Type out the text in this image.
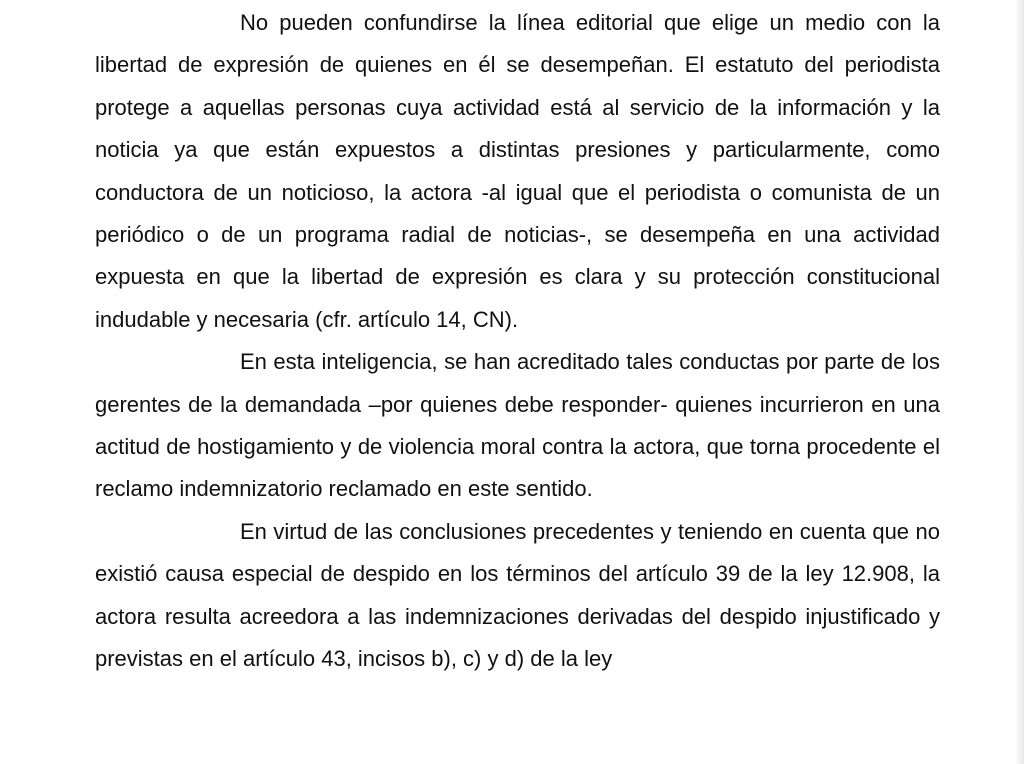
No pueden confundirse la línea editorial que elige un medio con la libertad de expresión de quienes en él se desempeñan. El estatuto del periodista protege a aquellas personas cuya actividad está al servicio de la información y la noticia ya que están expuestos a distintas presiones y particularmente, como conductora de un noticioso, la actora -al igual que el periodista o comunista de un periódico o de un programa radial de noticias-, se desempeña en una actividad expuesta en que la libertad de expresión es clara y su protección constitucional indudable y necesaria (cfr. artículo 14, CN).

En esta inteligencia, se han acreditado tales conductas por parte de los gerentes de la demandada –por quienes debe responder- quienes incurrieron en una actitud de hostigamiento y de violencia moral contra la actora, que torna procedente el reclamo indemnizatorio reclamado en este sentido.

En virtud de las conclusiones precedentes y teniendo en cuenta que no existió causa especial de despido en los términos del artículo 39 de la ley 12.908, la actora resulta acreedora a las indemnizaciones derivadas del despido injustificado y previstas en el artículo 43, incisos b), c) y d) de la ley
